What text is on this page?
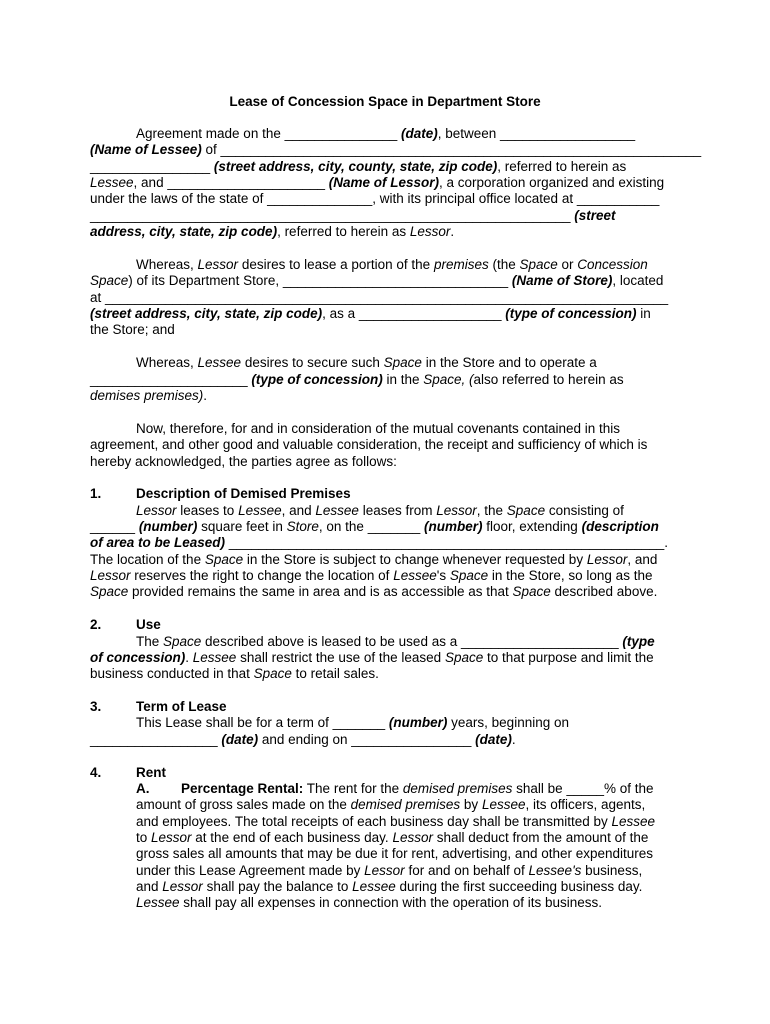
Lease of Concession Space in Department Store

Agreement made on the _______________ (date), between __________________

(Name of Lessee) of ________________________________________________________________

________________ (street address, city, county, state, zip code), referred to herein as

Lessee, and _____________________ (Name of Lessor), a corporation organized and existing

under the laws of the state of ______________, with its principal office located at ___________

________________________________________________________________ (street

address, city, state, zip code), referred to herein as Lessor.

Whereas, Lessor desires to lease a portion of the premises (the Space or Concession

Space) of its Department Store, ______________________________ (Name of Store), located

at ___________________________________________________________________________

(street address, city, state, zip code), as a ___________________ (type of concession) in

the Store; and

Whereas, Lessee desires to secure such Space in the Store and to operate a

_____________________ (type of concession) in the Space, (also referred to herein as

demises premises).

Now, therefore, for and in consideration of the mutual covenants contained in this

agreement, and other good and valuable consideration, the receipt and sufficiency of which is

hereby acknowledged, the parties agree as follows:

1.	Description of Demised Premises

Lessor leases to Lessee, and Lessee leases from Lessor, the Space consisting of

______ (number) square feet in Store, on the _______ (number) floor, extending (description

of area to be Leased) __________________________________________________________.

The location of the Space in the Store is subject to change whenever requested by Lessor, and

Lessor reserves the right to change the location of Lessee's Space in the Store, so long as the

Space provided remains the same in area and is as accessible as that Space described above.

2.	Use

The Space described above is leased to be used as a _____________________ (type

of concession). Lessee shall restrict the use of the leased Space to that purpose and limit the

business conducted in that Space to retail sales.

3.	Term of Lease

This Lease shall be for a term of _______ (number) years, beginning on

_________________ (date) and ending on ________________ (date).

4.	Rent

A. Percentage Rental: The rent for the demised premises shall be _____% of the

amount of gross sales made on the demised premises by Lessee, its officers, agents,

and employees. The total receipts of each business day shall be transmitted by Lessee

to Lessor at the end of each business day. Lessor shall deduct from the amount of the

gross sales all amounts that may be due it for rent, advertising, and other expenditures

under this Lease Agreement made by Lessor for and on behalf of Lessee's business,

and Lessor shall pay the balance to Lessee during the first succeeding business day.

Lessee shall pay all expenses in connection with the operation of its business.
